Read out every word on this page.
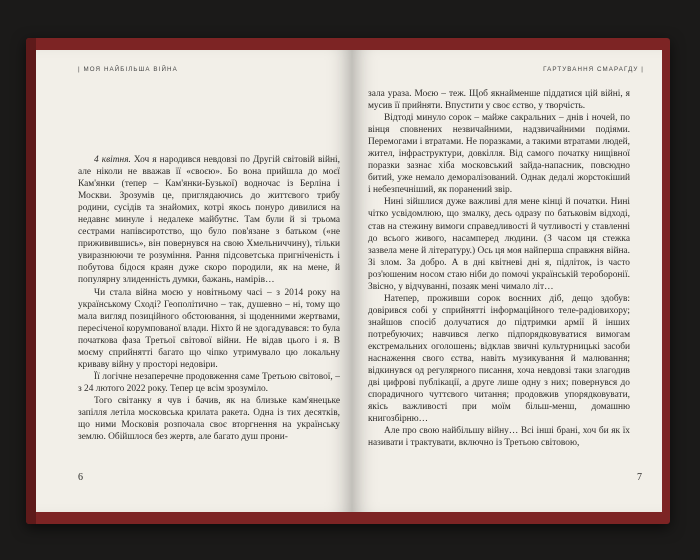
| МОЯ НАЙБІЛЬША ВІЙНА

4 квітня. Хоч я народився невдовзі по Другій світовій війні, але ніколи не вважав її «своєю». Бо вона прийшла до моєї Кам'янки (тепер – Кам'янки-Бузької) водночас із Берліна і Москви. Зрозумів це, приглядаючись до життєвого трибу родини, сусідів та знайомих, котрі якось понуро дивилися на недавнє минуле і недалеке майбутнє. Там були й зі трьома сестрами напівсиротство, що було пов'язане з батьком («не приживившись», він повернувся на свою Хмельниччину), тільки увиразнюючи те розуміння. Рання підсоветська пригніченість і побутова бідося краян дуже скоро породили, як на мене, й популярну злиденність думки, бажань, намірів…

Чи стала війна моєю у новітньому часі – з 2014 року на українському Сході? Геополітично – так, душевно – ні, тому що мала вигляд позиційного обстоювання, зі щоденними жертвами, пересіченої корумпованої влади. Ніхто й не здогадувався: то була початкова фаза Третьої світової війни. Не відав цього і я. В моєму сприйнятті багато що чіпко утримувало цю локальну криваву війну у просторі недовіри.

Її логічне незаперечне продовження саме Третьою світової, – з 24 лютого 2022 року. Тепер це всім зрозуміло.

Того світанку я чув і бачив, як на близьке кам'янецьке запілля летіла московська крилата ракета. Одна із тих десятків, що ними Московія розпочала своє вторгнення на українську землю. Обійшлося без жертв, але багато душ прони-

6
ГАРТУВАННЯ СМАРАГДУ |

зала уразa. Моєю – теж. Щоб якнайменше піддатися цій війні, я мусив її прийняти. Впустити у своє єство, у творчість.

Відтоді минуло сорок – майже сакральних – днів і ночей, по вінця сповнених незвичайними, надзвичайними подіями. Перемогами і втратами. Не поразками, а такими втратами людей, жител, інфраструктури, довкілля. Від самого початку нищівної поразки зазнає хіба московський зайда-напасник, повсюдно битий, уже немало деморалізований. Однак дедалі жорстокіший і небезпечніший, як поранений звір.

Нині зійшлися дуже важливі для мене кінці й початки. Нині чітко усвідомлюю, що змалку, десь одразу по батьковім відході, став на стежину вимоги справедливості й чутливості у ставленні до всього живого, насамперед людини. (З часом ця стежка зазвела мене й літературу.) Ось ця моя найперша справжня війна. Зі злом. За добро. А в дні квітневі дні я, підліток, із часто роз'юшеним носом стаю ніби до помочі українській тероборонії. Звісно, у відчуванні, позаяк мені чималo літ…

Натепер, проживши сорок воєнних діб, дещо здобув: довірився собі у сприйнятті інформаційного теле-радіовихору; знайшов спосіб долучатися до підтримки армії й інших потребуючих; навчився легко підпорядковуватися вимогам екстремальних оголошень; відклав звичні культурницькі засоби наснаження свого єства, навіть музикування й малювання; відкинувся од регулярного писання, хоча невдовзі таки злагодив дві цифрові публікації, а друге лише одну з них; повернувся до спорадичного чуттєвого читання; продовжив упорядковувати, якісь важливості при моїм більш-менш, домашню книгозбірню…

Але про свою найбільшу війну… Всі інші брані, хоч би як їх називати і трактувати, включно із Третьою світовою,

7
